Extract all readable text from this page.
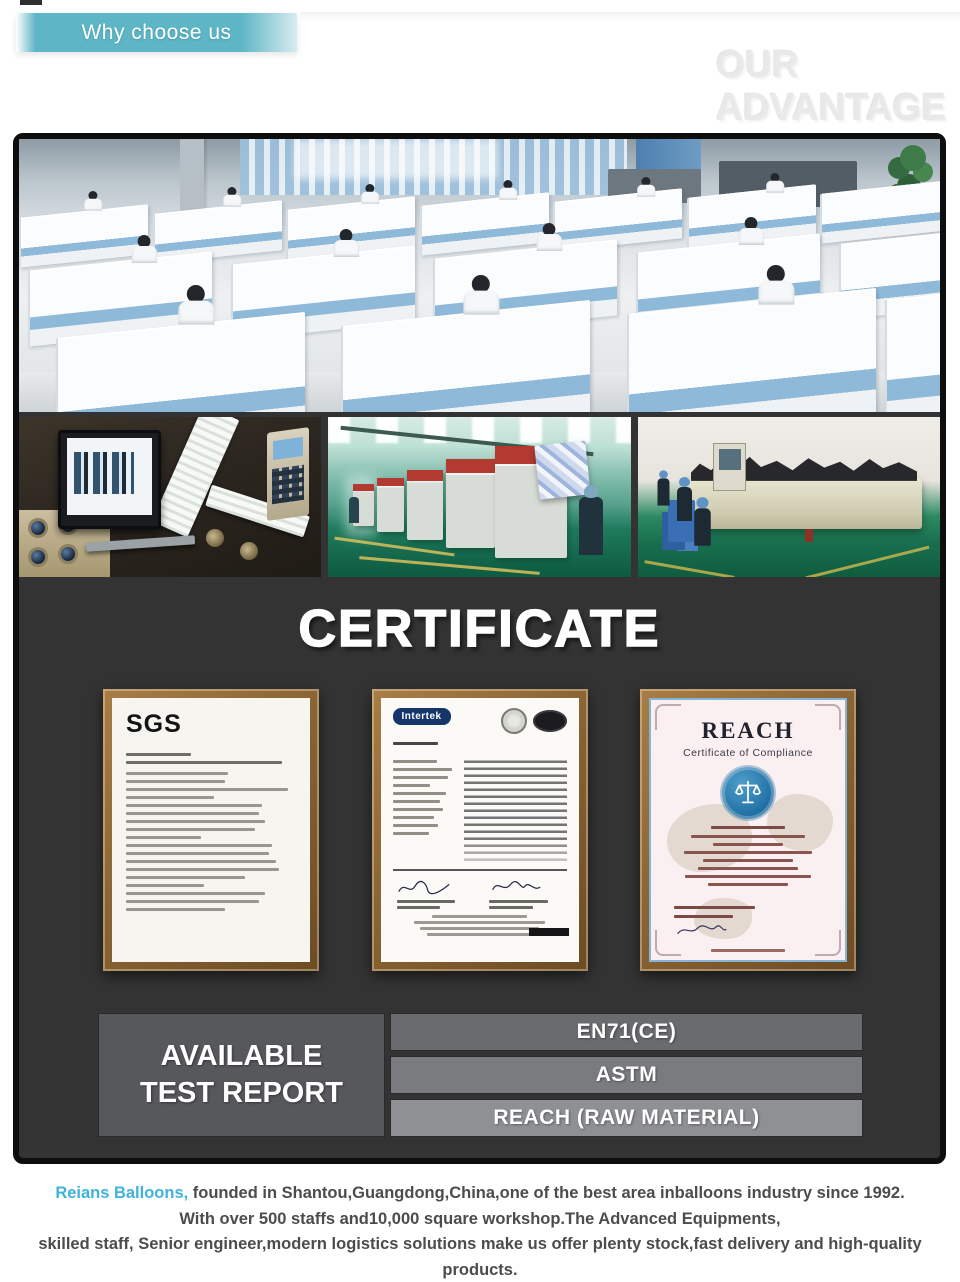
Why choose us
OUR
ADVANTAGE
CERTIFICATE
SGS	Intertek
REACH
Certificate of Compliance
AVAILABLE
TEST REPORT
EN71(CE)
ASTM
REACH (RAW MATERIAL)
Reians Balloons, founded in Shantou,Guangdong,China,one of the best area inballoons industry since 1992.
With over 500 staffs and10,000 square workshop.The Advanced Equipments,
skilled staff, Senior engineer,modern logistics solutions make us offer plenty stock,fast delivery and high-quality products.
